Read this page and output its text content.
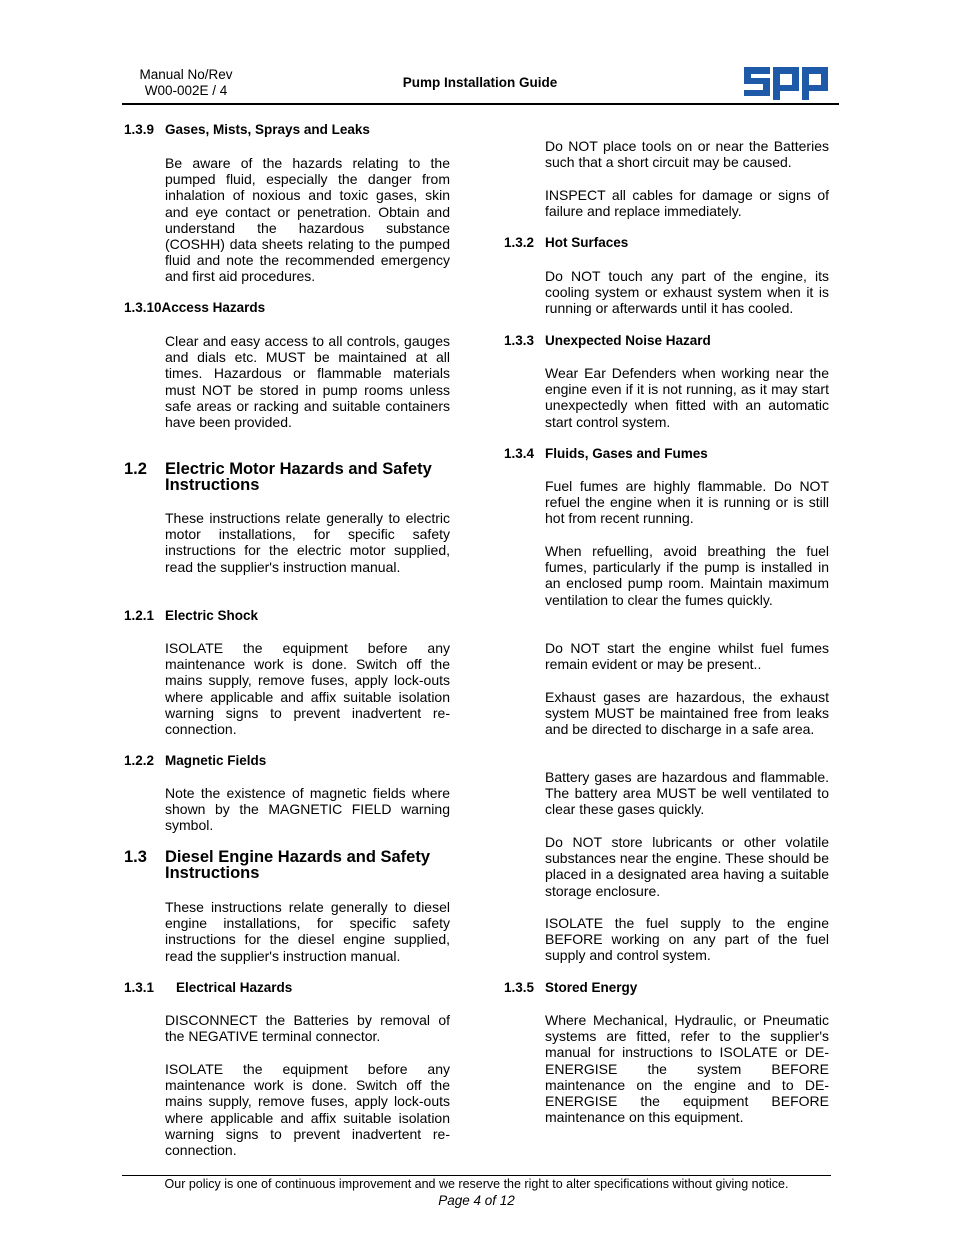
Manual No/Rev
W00-002E / 4
Pump Installation Guide
1.3.9 Gases, Mists, Sprays and Leaks
Be aware of the hazards relating to the pumped fluid, especially the danger from inhalation of noxious and toxic gases, skin and eye contact or penetration. Obtain and understand the hazardous substance (COSHH) data sheets relating to the pumped fluid and note the recommended emergency and first aid procedures.
1.3.10Access Hazards
Clear and easy access to all controls, gauges and dials etc. MUST be maintained at all times. Hazardous or flammable materials must NOT be stored in pump rooms unless safe areas or racking and suitable containers have been provided.
1.2 Electric Motor Hazards and Safety Instructions
These instructions relate generally to electric motor installations, for specific safety instructions for the electric motor supplied, read the supplier's instruction manual.
1.2.1 Electric Shock
ISOLATE the equipment before any maintenance work is done. Switch off the mains supply, remove fuses, apply lock-outs where applicable and affix suitable isolation warning signs to prevent inadvertent re-connection.
1.2.2 Magnetic Fields
Note the existence of magnetic fields where shown by the MAGNETIC FIELD warning symbol.
1.3 Diesel Engine Hazards and Safety Instructions
These instructions relate generally to diesel engine installations, for specific safety instructions for the diesel engine supplied, read the supplier's instruction manual.
1.3.1 Electrical Hazards
DISCONNECT the Batteries by removal of the NEGATIVE terminal connector.
ISOLATE the equipment before any maintenance work is done. Switch off the mains supply, remove fuses, apply lock-outs where applicable and affix suitable isolation warning signs to prevent inadvertent re-connection.
Do NOT place tools on or near the Batteries such that a short circuit may be caused.
INSPECT all cables for damage or signs of failure and replace immediately.
1.3.2 Hot Surfaces
Do NOT touch any part of the engine, its cooling system or exhaust system when it is running or afterwards until it has cooled.
1.3.3 Unexpected Noise Hazard
Wear Ear Defenders when working near the engine even if it is not running, as it may start unexpectedly when fitted with an automatic start control system.
1.3.4 Fluids, Gases and Fumes
Fuel fumes are highly flammable. Do NOT refuel the engine when it is running or is still hot from recent running.
When refuelling, avoid breathing the fuel fumes, particularly if the pump is installed in an enclosed pump room. Maintain maximum ventilation to clear the fumes quickly.
Do NOT start the engine whilst fuel fumes remain evident or may be present..
Exhaust gases are hazardous, the exhaust system MUST be maintained free from leaks and be directed to discharge in a safe area.
Battery gases are hazardous and flammable. The battery area MUST be well ventilated to clear these gases quickly.
Do NOT store lubricants or other volatile substances near the engine. These should be placed in a designated area having a suitable storage enclosure.
ISOLATE the fuel supply to the engine BEFORE working on any part of the fuel supply and control system.
1.3.5 Stored Energy
Where Mechanical, Hydraulic, or Pneumatic systems are fitted, refer to the supplier's manual for instructions to ISOLATE or DE-ENERGISE the system BEFORE maintenance on the engine and to DE-ENERGISE the equipment BEFORE maintenance on this equipment.
Our policy is one of continuous improvement and we reserve the right to alter specifications without giving notice.
Page 4 of 12
